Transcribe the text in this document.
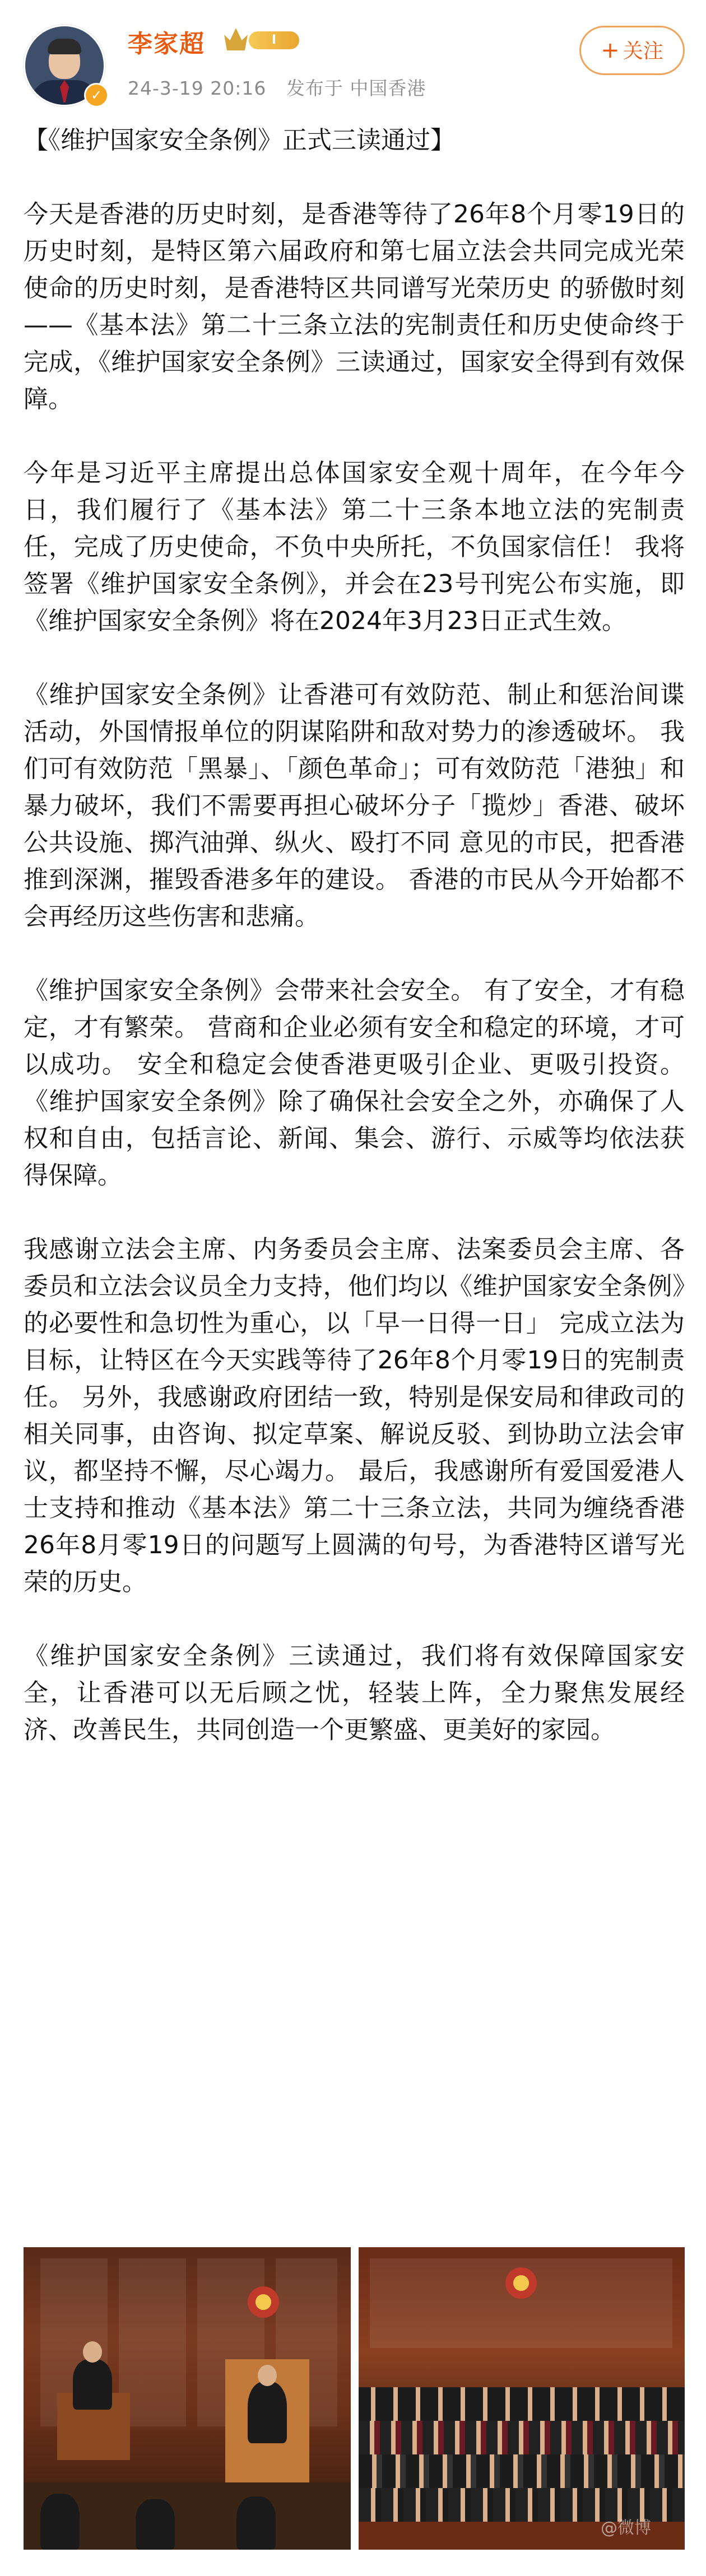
✓
李家超	I
24-3-19 20:16 发布于 中国香港
+ 关注
【《维护国家安全条例》正式三读通过】

今天是香港的历史时刻，是香港等待了26年8个月零19日的历史时刻，是特区第六届政府和第七届立法会共同完成光荣使命的历史时刻，是香港特区共同谱写光荣历史 的骄傲时刻——《基本法》第二十三条立法的宪制责任和历史使命终于完成，《维护国家安全条例》三读通过，国家安全得到有效保障。

今年是习近平主席提出总体国家安全观十周年，在今年今日，我们履行了《基本法》第二十三条本地立法的宪制责任，完成了历史使命，不负中央所托，不负国家信任！ 我将签署《维护国家安全条例》，并会在23号刊宪公布实施，即《维护国家安全条例》将在2024年3月23日正式生效。

《维护国家安全条例》让香港可有效防范、制止和惩治间谍活动，外国情报单位的阴谋陷阱和敌对势力的渗透破坏。 我们可有效防范「黑暴」、「颜色革命」；可有效防范「港独」和暴力破坏，我们不需要再担心破坏分子「揽炒」香港、破坏公共设施、掷汽油弹、纵火、殴打不同 意见的市民，把香港推到深渊，摧毁香港多年的建设。 香港的市民从今开始都不会再经历这些伤害和悲痛。

《维护国家安全条例》会带来社会安全。 有了安全，才有稳定，才有繁荣。 营商和企业必须有安全和稳定的环境，才可以成功。 安全和稳定会使香港更吸引企业、更吸引投资。 《维护国家安全条例》除了确保社会安全之外，亦确保了人权和自由，包括言论、新闻、集会、游行、示威等均依法获得保障。

我感谢立法会主席、内务委员会主席、法案委员会主席、各委员和立法会议员全力支持，他们均以《维护国家安全条例》的必要性和急切性为重心，以「早一日得一日」 完成立法为目标，让特区在今天实践等待了26年8个月零19日的宪制责任。 另外，我感谢政府团结一致，特别是保安局和律政司的相关同事，由咨询、拟定草案、解说反驳、到协助立法会审议，都坚持不懈，尽心竭力。 最后，我感谢所有爱国爱港人士支持和推动《基本法》第二十三条立法，共同为缠绕香港26年8月零19日的问题写上圆满的句号，为香港特区谱写光荣的历史。

《维护国家安全条例》三读通过，我们将有效保障国家安全，让香港可以无后顾之忧，轻装上阵，全力聚焦发展经济、改善民生，共同创造一个更繁盛、更美好的家园。

@微博
